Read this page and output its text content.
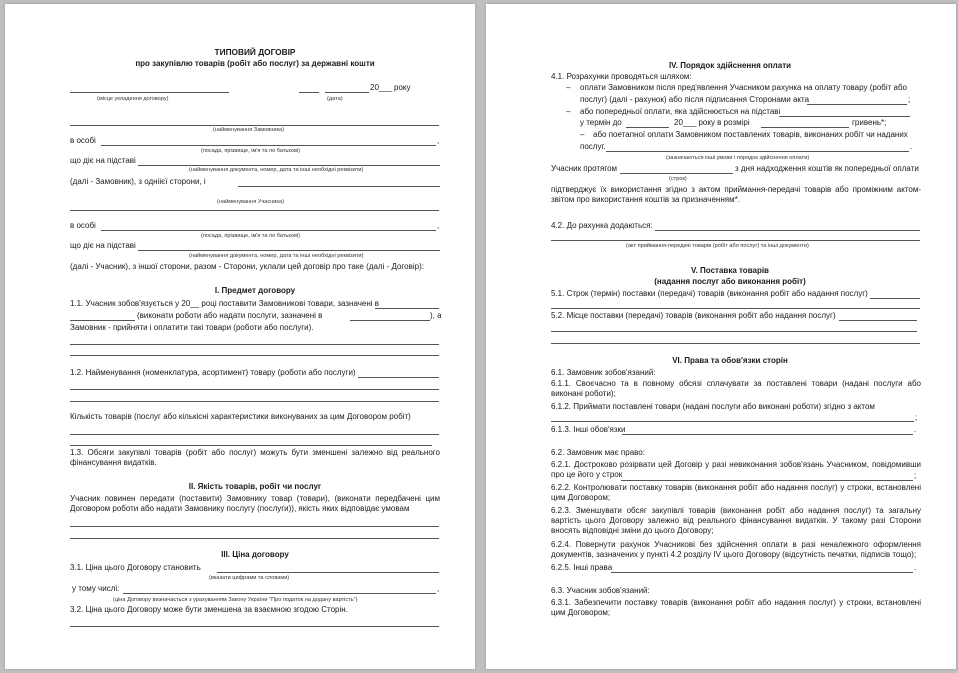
ТИПОВИЙ ДОГОВІР
про закупівлю товарів (робіт або послуг) за державні кошти
20___ року
(місце укладення договору)	(дата)
(найменування Замовника)
в особі	,
(посада, прізвище, ім'я та по батькові)
що діє на підставі
(найменування документа, номер, дата та інші необхідні реквізити)
(далі - Замовник), з одніієї сторони, і
(найменування Учасника)
в особі	,
(посада, прізвище, ім'я та по батькові)
що діє на підставі
(найменування документа, номер, дата та інші необхідні реквізити)
(далі - Учасник), з іншої сторони, разом - Сторони, уклали цей договір про таке (далі - Договір):
І. Предмет договору
1.1. Учасник зобов'язується у 20__ році поставити Замовникові товари, зазначені в
(виконати роботи або надати послуги, зазначені в	), а
Замовник - прийняти і оплатити такі товари (роботи або послуги).
1.2. Найменування (номенклатура, асортимент) товару (роботи або послуги)
Кількість товарів (послуг або кількісні характеристики виконуваних за цим Договором робіт)
1.3. Обсяги закупівлі товарів (робіт або послуг) можуть бути зменшені залежно від реального фінансування видатків.
ІІ. Якість товарів, робіт чи послуг
Учасник повинен передати (поставити) Замовнику товар (товари), (виконати передбачені цим Договором роботи або надати Замовнику послугу (послуги)), якість яких відповідає умовам
ІІІ. Ціна договору
3.1. Ціна цього Договору становить
(вказати цифрами та словами)
у тому числі:	,
(ціна Договору визначається з урахуванням Закону України "Про податок на додану вартість")
3.2. Ціна цього Договору може бути зменшена за взаємною згодою Сторін.
IV. Порядок здійснення оплати
4.1. Розрахунки проводяться шляхом:
– оплати Замовником після пред'явлення Учасником рахунка на оплату товару (робіт або
послуг) (далі - рахунок) або після підписання Сторонами акта	;
– або попередньої оплати, яка здійснюється на підставі
у термін до	20___ року в розмірі	гривень*;
– або поетапної оплати Замовником поставлених товарів, виконаних робіт чи наданих
послуг.	.
(зазначаються інші умови і порядок здійснення оплати)
Учасник протягом	з дня надходження коштів як попередньої оплати
(строк)
підтверджує їх використання згідно з актом приймання-передачі товарів або проміжним актом-звітом про використання коштів за призначенням*.
4.2. До рахунка додаються:
(акт приймання-передачі товарів (робіт або послуг) та інші документи)
V. Поставка товарів
(надання послуг або виконання робіт)
5.1. Строк (термін) поставки (передачі) товарів (виконання робіт або надання послуг)
5.2. Місце поставки (передачі) товарів (виконання робіт або надання послуг)
VI. Права та обов'язки сторін
6.1. Замовник зобов'язаний:
6.1.1. Своєчасно та в повному обсязі сплачувати за поставлені товари (надані послуги або виконані роботи);
6.1.2. Приймати поставлені товари (надані послуги або виконані роботи) згідно з актом
;
6.1.3. Інші обов'язки	.
6.2. Замовник має право:
6.2.1. Достроково розірвати цей Договір у разі невиконання зобов'язань Учасником, повідомивши про це його у строк	;
6.2.2. Контролювати поставку товарів (виконання робіт або надання послуг) у строки, встановлені цим Договором;
6.2.3. Зменшувати обсяг закупівлі товарів (виконання робіт або надання послуг) та загальну вартість цього Договору залежно від реального фінансування видатків. У такому разі Сторони вносять відповідні зміни до цього Договору;
6.2.4. Повернути рахунок Учасникові без здійснення оплати в разі неналежного оформлення документів, зазначених у пункті 4.2 розділу IV цього Договору (відсутність печатки, підписів тощо);
6.2.5. Інші права	.
6.3. Учасник зобов'язаний:
6.3.1. Забезпечити поставку товарів (виконання робіт або надання послуг) у строки, встановлені цим Договором;
